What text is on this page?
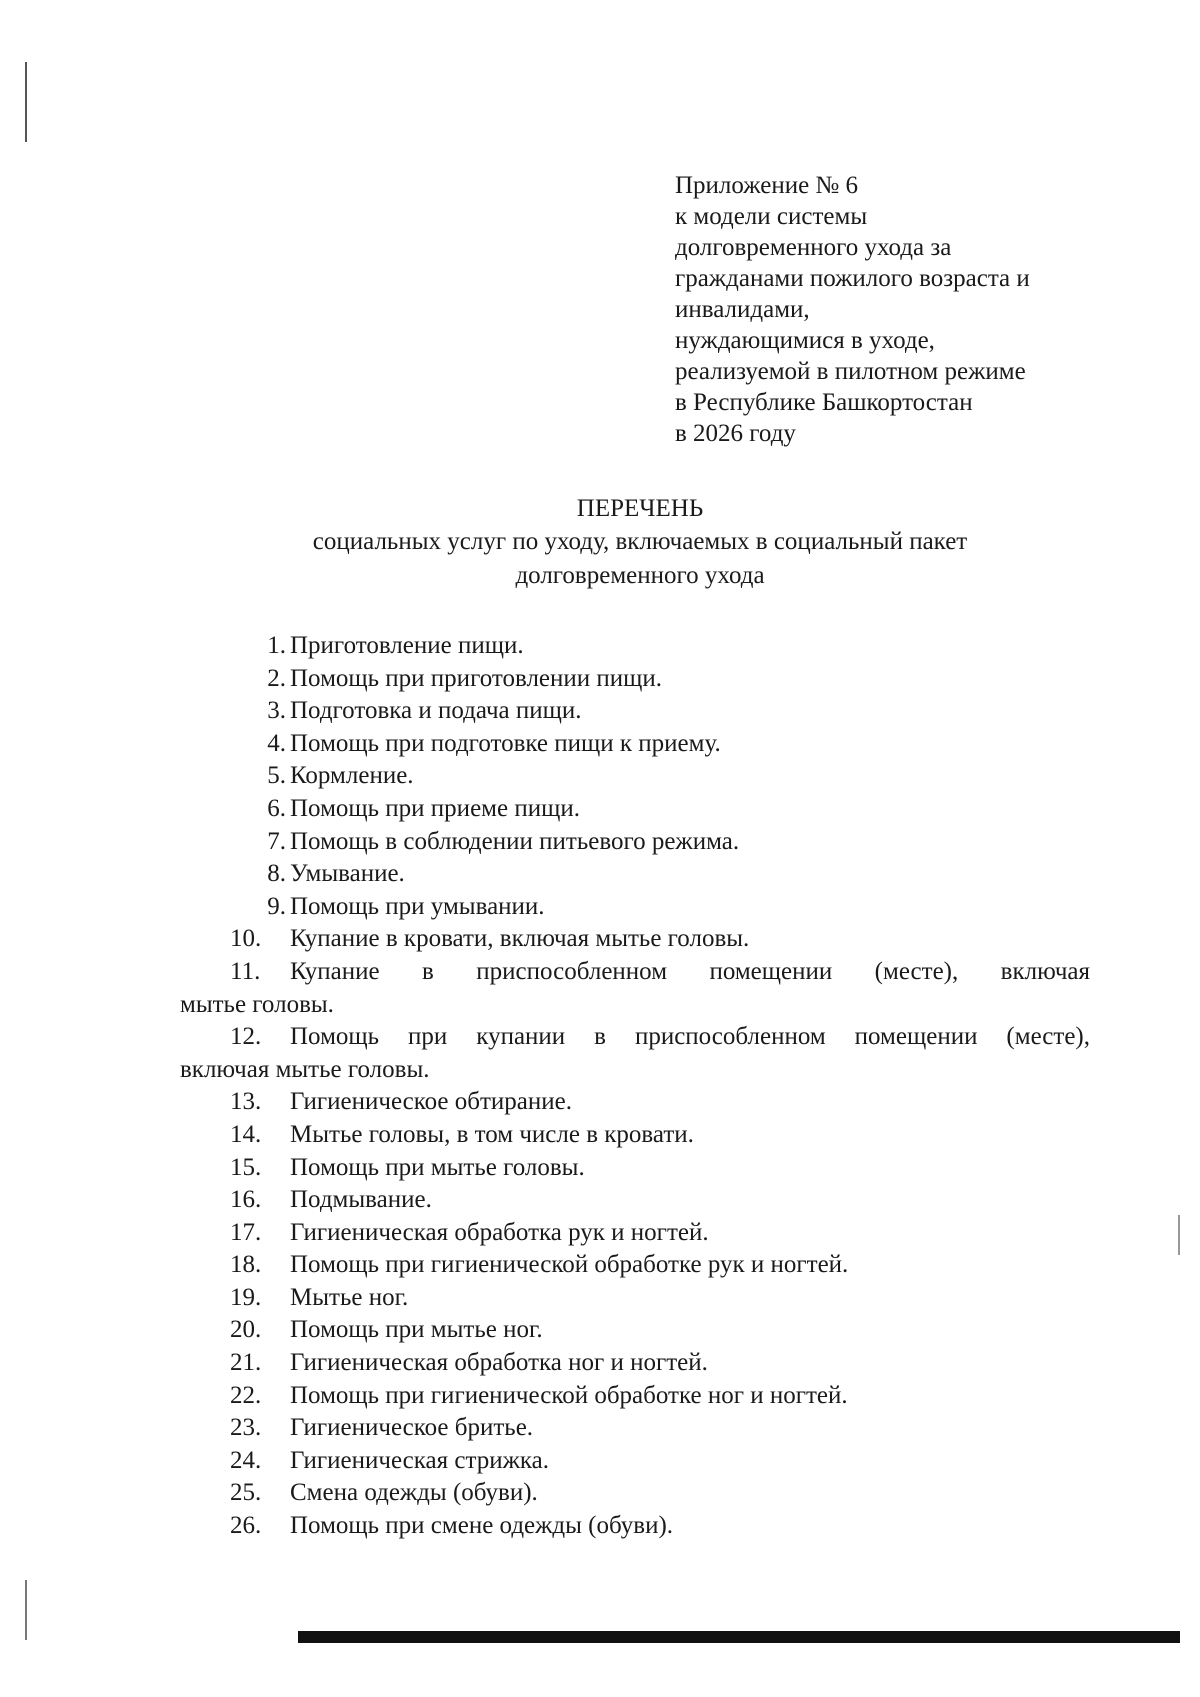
Приложение № 6
к модели системы
долговременного ухода за
гражданами пожилого возраста и
инвалидами,
нуждающимися в уходе,
реализуемой в пилотном режиме
в Республике Башкортостан
в 2026 году
ПЕРЕЧЕНЬ
социальных услуг по уходу, включаемых в социальный пакет
долговременного ухода
1. Приготовление пищи.
2. Помощь при приготовлении пищи.
3. Подготовка и подача пищи.
4. Помощь при подготовке пищи к приему.
5. Кормление.
6. Помощь при приеме пищи.
7. Помощь в соблюдении питьевого режима.
8. Умывание.
9. Помощь при умывании.
10.	Купание в кровати, включая мытье головы.
11.	Купание в приспособленном помещении (месте), включая
мытье головы.
12.	Помощь при купании в приспособленном помещении (месте),
включая мытье головы.
13.	Гигиеническое обтирание.
14.	Мытье головы, в том числе в кровати.
15.	Помощь при мытье головы.
16.	Подмывание.
17.	Гигиеническая обработка рук и ногтей.
18.	Помощь при гигиенической обработке рук и ногтей.
19.	Мытье ног.
20.	Помощь при мытье ног.
21.	Гигиеническая обработка ног и ногтей.
22.	Помощь при гигиенической обработке ног и ногтей.
23.	Гигиеническое бритье.
24.	Гигиеническая стрижка.
25.	Смена одежды (обуви).
26.	Помощь при смене одежды (обуви).
